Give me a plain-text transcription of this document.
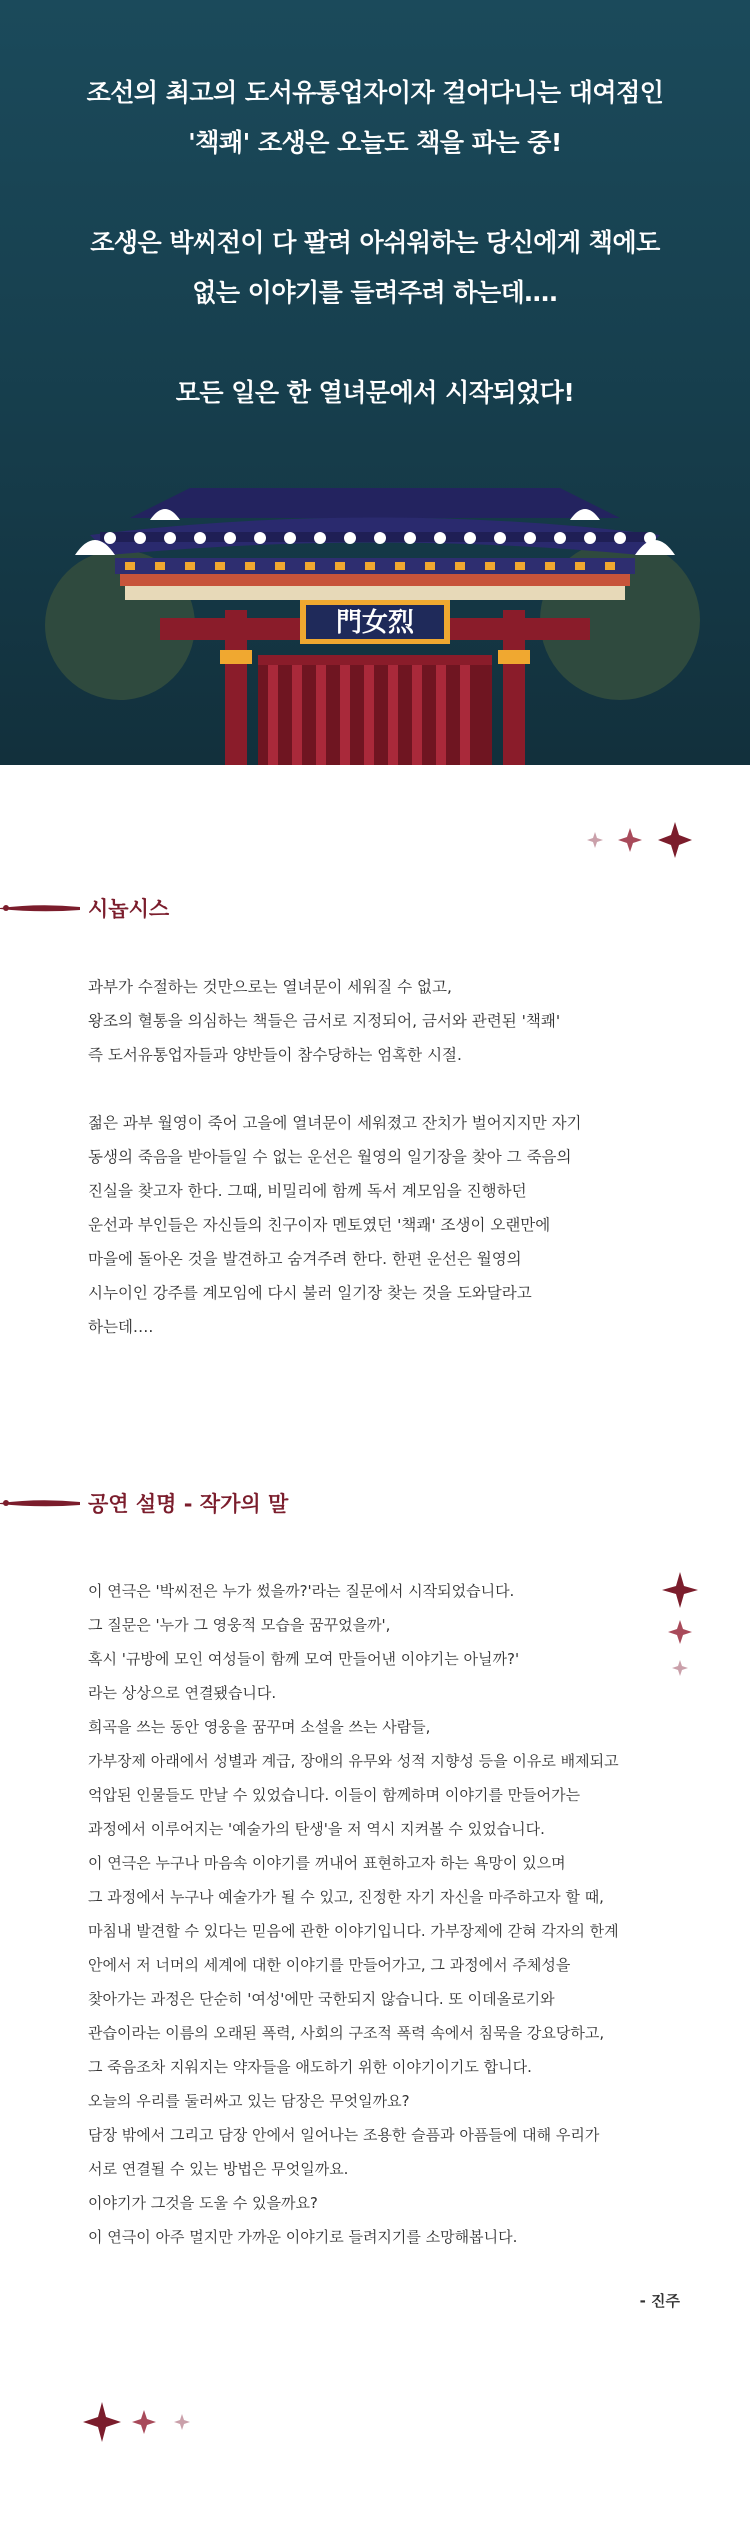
조선의 최고의 도서유통업자이자 걸어다니는 대여점인

'책쾌' 조생은 오늘도 책을 파는 중!

조생은 박씨전이 다 팔려 아쉬워하는 당신에게 책에도

없는 이야기를 들려주려 하는데….

모든 일은 한 열녀문에서 시작되었다!

門女烈
시놉시스

과부가 수절하는 것만으로는 열녀문이 세워질 수 없고,

왕조의 혈통을 의심하는 책들은 금서로 지정되어, 금서와 관련된 '책쾌'

즉 도서유통업자들과 양반들이 참수당하는 엄혹한 시절.

젊은 과부 월영이 죽어 고을에 열녀문이 세워졌고 잔치가 벌어지지만 자기

동생의 죽음을 받아들일 수 없는 운선은 월영의 일기장을 찾아 그 죽음의

진실을 찾고자 한다. 그때, 비밀리에 함께 독서 계모임을 진행하던

운선과 부인들은 자신들의 친구이자 멘토였던 '책쾌' 조생이 오랜만에

마을에 돌아온 것을 발견하고 숨겨주려 한다. 한편 운선은 월영의

시누이인 강주를 계모임에 다시 불러 일기장 찾는 것을 도와달라고

하는데….

공연 설명 - 작가의 말

이 연극은 '박씨전은 누가 썼을까?'라는 질문에서 시작되었습니다.

그 질문은 '누가 그 영웅적 모습을 꿈꾸었을까',

혹시 '규방에 모인 여성들이 함께 모여 만들어낸 이야기는 아닐까?'

라는 상상으로 연결됐습니다.

희곡을 쓰는 동안 영웅을 꿈꾸며 소설을 쓰는 사람들,

가부장제 아래에서 성별과 계급, 장애의 유무와 성적 지향성 등을 이유로 배제되고

억압된 인물들도 만날 수 있었습니다. 이들이 함께하며 이야기를 만들어가는

과정에서 이루어지는 '예술가의 탄생'을 저 역시 지켜볼 수 있었습니다.

이 연극은 누구나 마음속 이야기를 꺼내어 표현하고자 하는 욕망이 있으며

그 과정에서 누구나 예술가가 될 수 있고, 진정한 자기 자신을 마주하고자 할 때,

마침내 발견할 수 있다는 믿음에 관한 이야기입니다. 가부장제에 갇혀 각자의 한계

안에서 저 너머의 세계에 대한 이야기를 만들어가고, 그 과정에서 주체성을

찾아가는 과정은 단순히 '여성'에만 국한되지 않습니다. 또 이데올로기와

관습이라는 이름의 오래된 폭력, 사회의 구조적 폭력 속에서 침묵을 강요당하고,

그 죽음조차 지워지는 약자들을 애도하기 위한 이야기이기도 합니다.

오늘의 우리를 둘러싸고 있는 담장은 무엇일까요?

담장 밖에서 그리고 담장 안에서 일어나는 조용한 슬픔과 아픔들에 대해 우리가

서로 연결될 수 있는 방법은 무엇일까요.

이야기가 그것을 도울 수 있을까요?

이 연극이 아주 멀지만 가까운 이야기로 들려지기를 소망해봅니다.

- 진주
